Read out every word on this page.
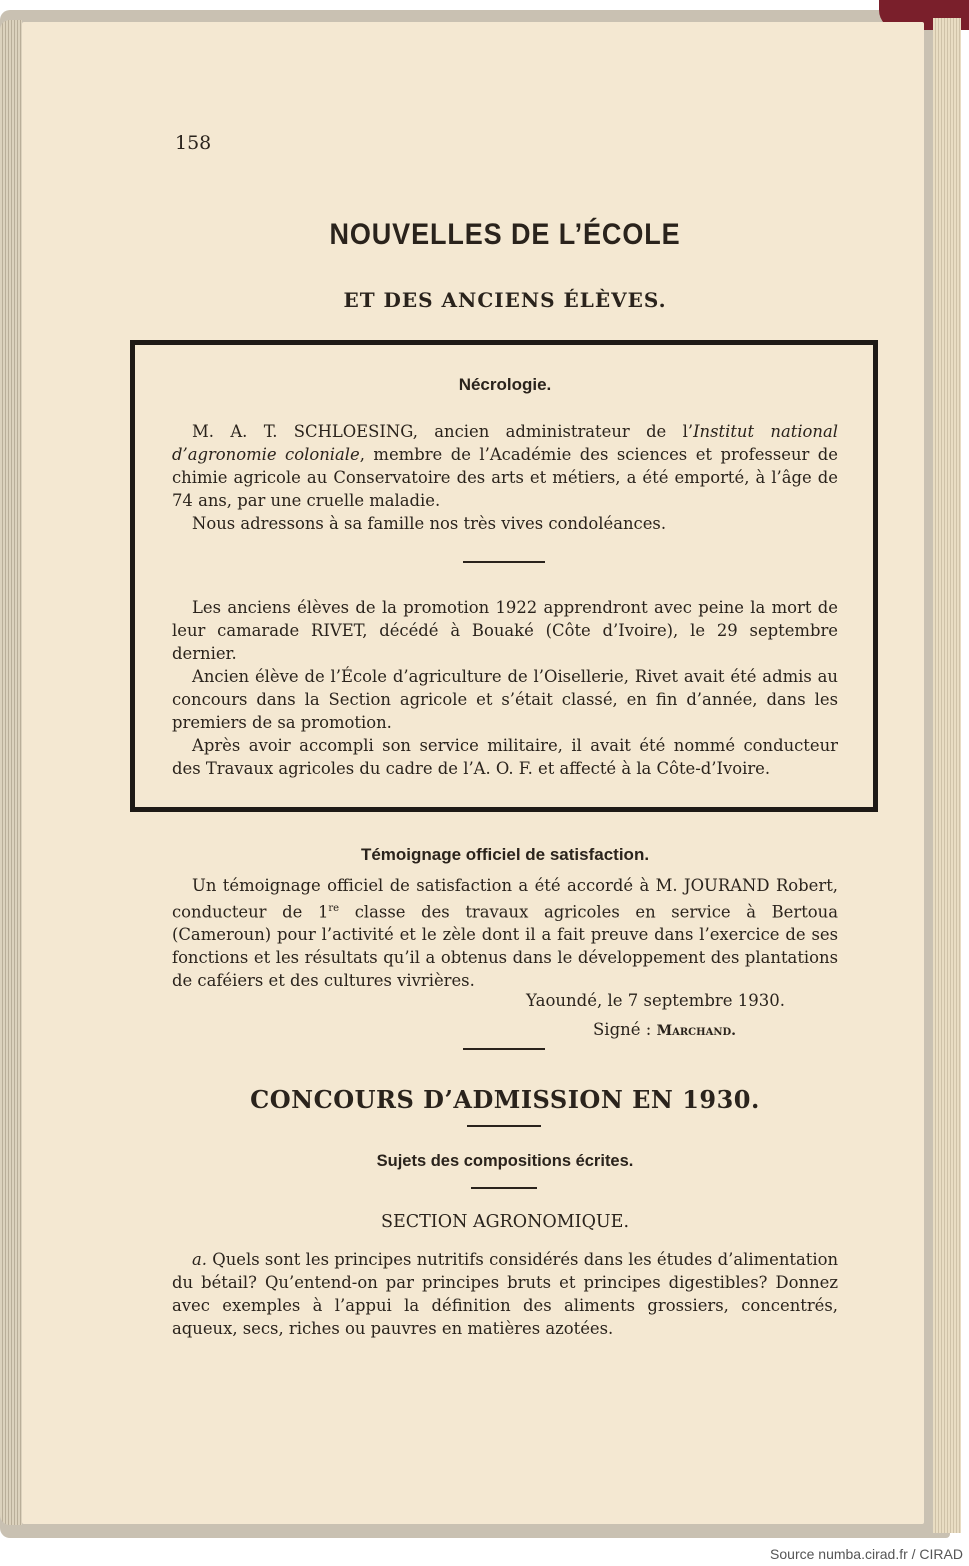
158
NOUVELLES DE L’ÉCOLE
ET DES ANCIENS ÉLÈVES.
Nécrologie.

M. A. T. SCHLOESING, ancien administrateur de l’Institut national d’agronomie coloniale, membre de l’Académie des sciences et professeur de chimie agricole au Conservatoire des arts et métiers, a été emporté, à l’âge de 74 ans, par une cruelle maladie.

Nous adressons à sa famille nos très vives condoléances.

Les anciens élèves de la promotion 1922 apprendront avec peine la mort de leur camarade RIVET, décédé à Bouaké (Côte d’Ivoire), le 29 septembre dernier.

Ancien élève de l’École d’agriculture de l’Oisellerie, Rivet avait été admis au concours dans la Section agricole et s’était classé, en fin d’année, dans les premiers de sa promotion.

Après avoir accompli son service militaire, il avait été nommé conducteur des Travaux agricoles du cadre de l’A. O. F. et affecté à la Côte-d’Ivoire.

Témoignage officiel de satisfaction.

Un témoignage officiel de satisfaction a été accordé à M. JOURAND Robert, conducteur de 1re classe des travaux agricoles en service à Bertoua (Cameroun) pour l’activité et le zèle dont il a fait preuve dans l’exercice de ses fonctions et les résultats qu’il a obtenus dans le développement des plantations de caféiers et des cultures vivrières.

Yaoundé, le 7 septembre 1930.
Signé : Marchand.
CONCOURS D’ADMISSION EN 1930.
Sujets des compositions écrites.
SECTION AGRONOMIQUE.

a. Quels sont les principes nutritifs considérés dans les études d’alimentation du bétail? Qu’entend-on par principes bruts et principes digestibles? Donnez avec exemples à l’appui la définition des aliments grossiers, concentrés, aqueux, secs, riches ou pauvres en matières azotées.

Source numba.cirad.fr / CIRAD
